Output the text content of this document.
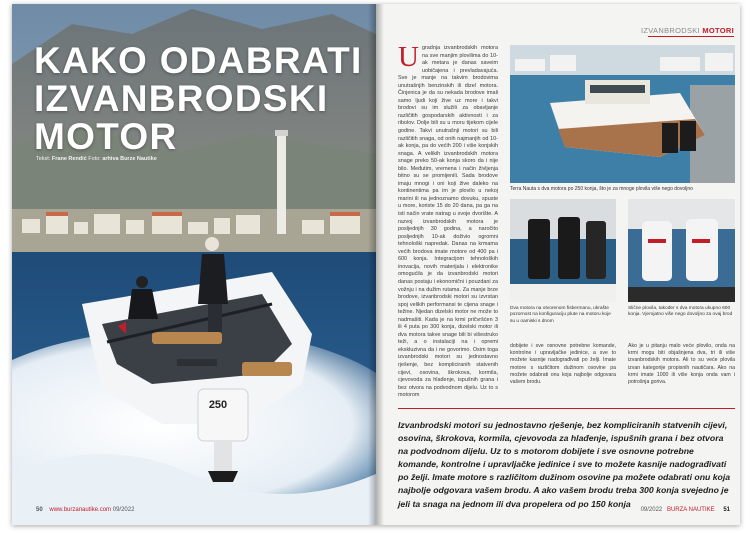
KAKO ODABRATI
IZVANBRODSKI
MOTOR
Tekst: Frane Rendić Foto: arhiva Burze Nautike
250
50 www.burzanautike.com 09/2022
IZVANBRODSKI MOTORI

Ugradnja izvanbrodskih motora na sve manjim plovilima do 10-ak metara je danas saveim uobičajena i prevladavajuća. Sve je manje na takvim brodovima unutrašnjih benzinskih ili dizel motora. Činjenica je da su nekada brodove imali samo ljudi koji žive uz more i takvi brodovi su im služili za obavljanje različitih gospodarskih aktivnosti i za ribolov. Dolje bili su u moru tijekom cijele godine. Takvi unutrašnji motori su bili različitih snaga, od onih najmanjih od 10-ak konja, pa do većih 200 i više konjskih snaga. A velikih izvanbrodskih motora snage preko 50-ak konja skoro da i nije bilo. Međutim, vremena i način življenja bitno su se promijenili. Sada brodove imaju mnogi i oni koji žive daleko na kontinentima pa im je plovilo u nekoj marini ili na jednoznamo dovuku, spuste u more, koriste 15 do 20 dana, pa ga na isti način vrate natrag u svoje dvorište. A razvoj izvanbrodskih motora je posljednjih 30 godina, a naročito posljednjih 10-ak doživio ogromni tehnološki napredak. Danas na krmama većih brodova imate motore od 400 pa i 600 konja. Integracijom tehnoloških inovacija, novih materijala i elektronike omogućila je da izvanbrodski motori danas postaju i ekonomični i pouzdani za vožnju i na dužim rutama. Za manje brze brodove, izvanbrodski motori su izvrstan spoj velikih performansi te cijena snage i težine. Njedan dizelski motor ne može to nadmašiti. Kada je na krmi pričvršćen 3 ili 4 puta po 300 konja, dizelski motor ili dva motora takve snage bili bi višestruko teži, a o instalaciji na i opremi ekskluzivna da i ne govorimo. Osim toga izvanbrodski motori su jednostavno rješenje, bez kompliciranih statvenih cijevi, osovina, škrokova, kormila, cjevovoda za hlađenje, ispušnih grana i bez otvora na podvodnom dijelu. Uz to s motorom

Terra Nauta s dva motora po 250 konja, što je za mnoge plovila više nego dovoljno

Dva motora na otvorenom fisbermanu, ukrašte pozornost na konfiguraciju plute na motoru koje su u oamiski s dnom

Slične plovila, također s dva motora ukupno 600 konja. Vjerojatno više nego dovoljno za ovaj brod

dobijete i sve osnovne potrebne komande, kontrolne i upravljačke jedinice, a sve to možete kasnije nadograđivati po želji. Imate motore s različitom dužinom osovine pa možete odabrati onu koja najbolje odgovara vašem brodu.

Ako je u pitanju malo veće plovilo, onda na krmi mogu biti objašnjena dva, tri ili više izvanbrodskih motora. Ali to su veće plovila izvan kategorije propisnih nautičara. Ako na krmi imate 1000 ili više konja onda vam i potrošnja goriva.

Izvanbrodski motori su jednostavno rješenje, bez kompliciranih statvenih cijevi, osovina, škrokova, kormila, cjevovoda za hlađenje, ispušnih grana i bez otvora na podvodnom dijelu. Uz to s motorom dobijete i sve osnovne potrebne komande, kontrolne i upravljačke jedinice i sve to možete kasnije nadograđivati po želji. Imate motore s različitom dužinom osovine pa možete odabrati onu koja najbolje odgovara vašem brodu. A ako vašem brodu treba 300 konja svejedno je jeli ta snaga na jednom ili dva propelera od po 150 konja

09/2022 BURZA NAUTIKE 51
